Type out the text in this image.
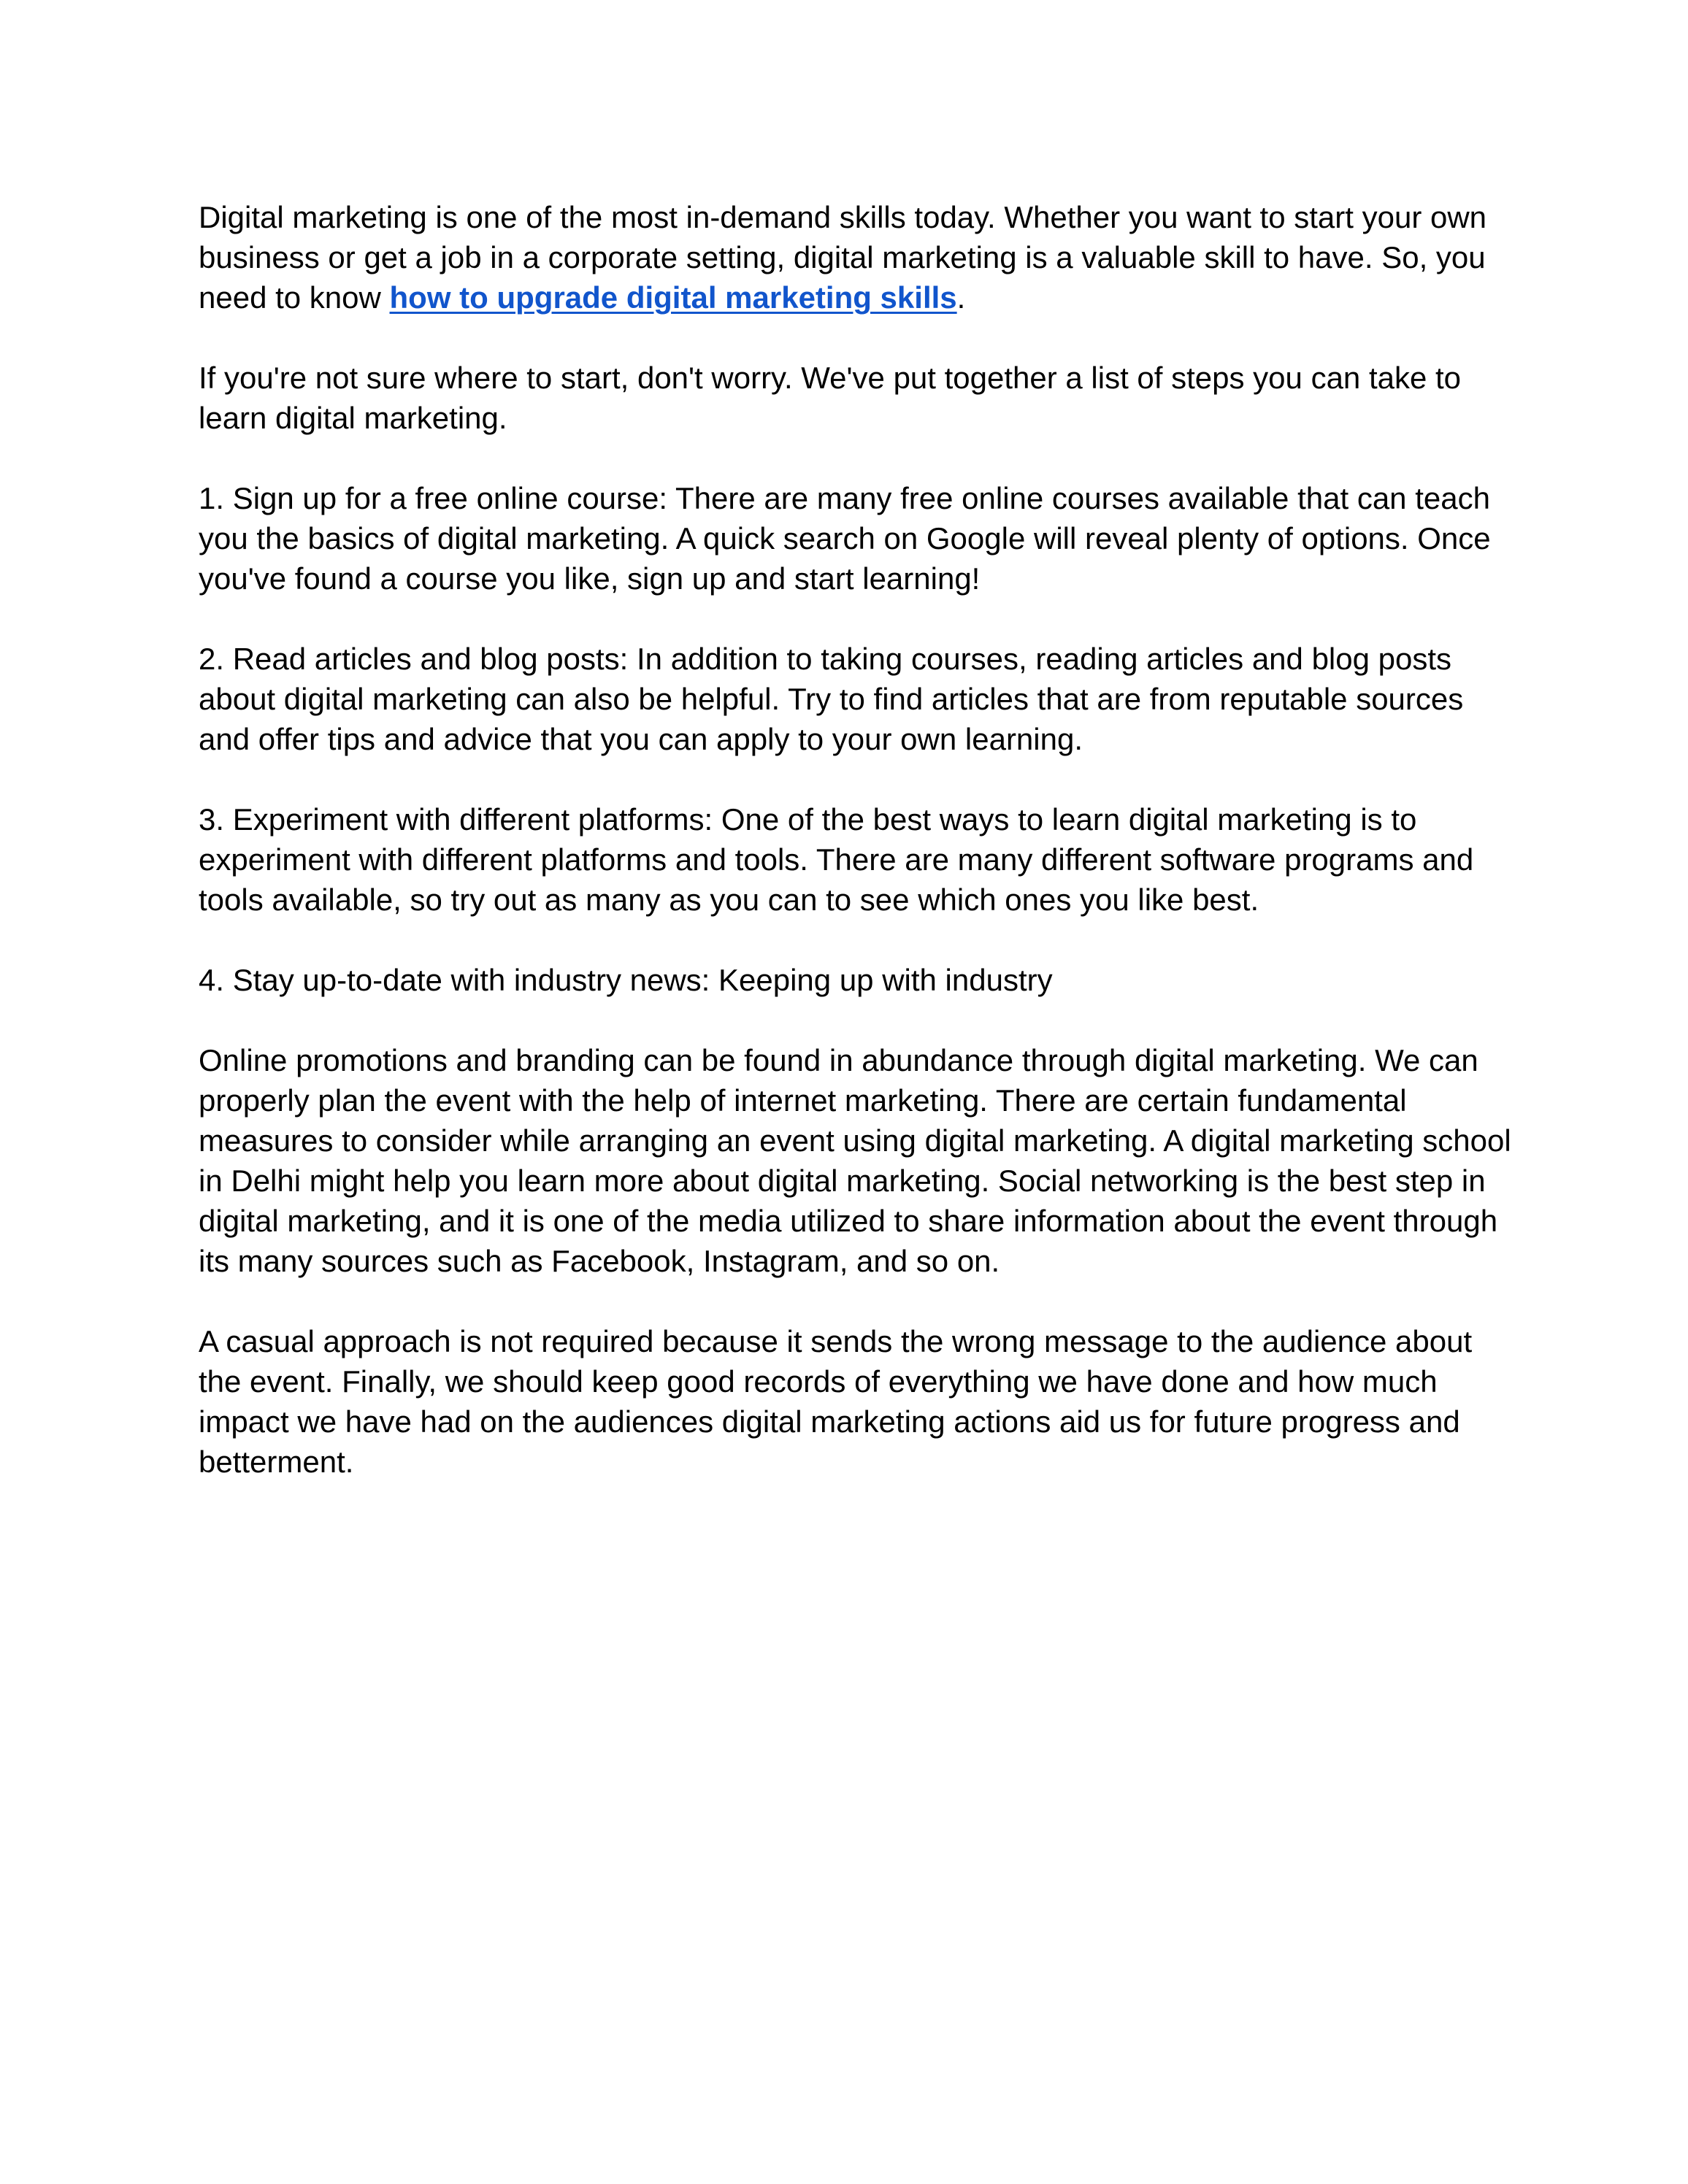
Digital marketing is one of the most in-demand skills today. Whether you want to start your own business or get a job in a corporate setting, digital marketing is a valuable skill to have. So, you need to know how to upgrade digital marketing skills.

If you're not sure where to start, don't worry. We've put together a list of steps you can take to learn digital marketing.

1. Sign up for a free online course: There are many free online courses available that can teach you the basics of digital marketing. A quick search on Google will reveal plenty of options. Once you've found a course you like, sign up and start learning!

2. Read articles and blog posts: In addition to taking courses, reading articles and blog posts about digital marketing can also be helpful. Try to find articles that are from reputable sources and offer tips and advice that you can apply to your own learning.

3. Experiment with different platforms: One of the best ways to learn digital marketing is to experiment with different platforms and tools. There are many different software programs and tools available, so try out as many as you can to see which ones you like best.

4. Stay up-to-date with industry news: Keeping up with industry

Online promotions and branding can be found in abundance through digital marketing. We can properly plan the event with the help of internet marketing. There are certain fundamental measures to consider while arranging an event using digital marketing. A digital marketing school in Delhi might help you learn more about digital marketing. Social networking is the best step in digital marketing, and it is one of the media utilized to share information about the event through its many sources such as Facebook, Instagram, and so on.

A casual approach is not required because it sends the wrong message to the audience about the event. Finally, we should keep good records of everything we have done and how much impact we have had on the audiences digital marketing actions aid us for future progress and betterment.
